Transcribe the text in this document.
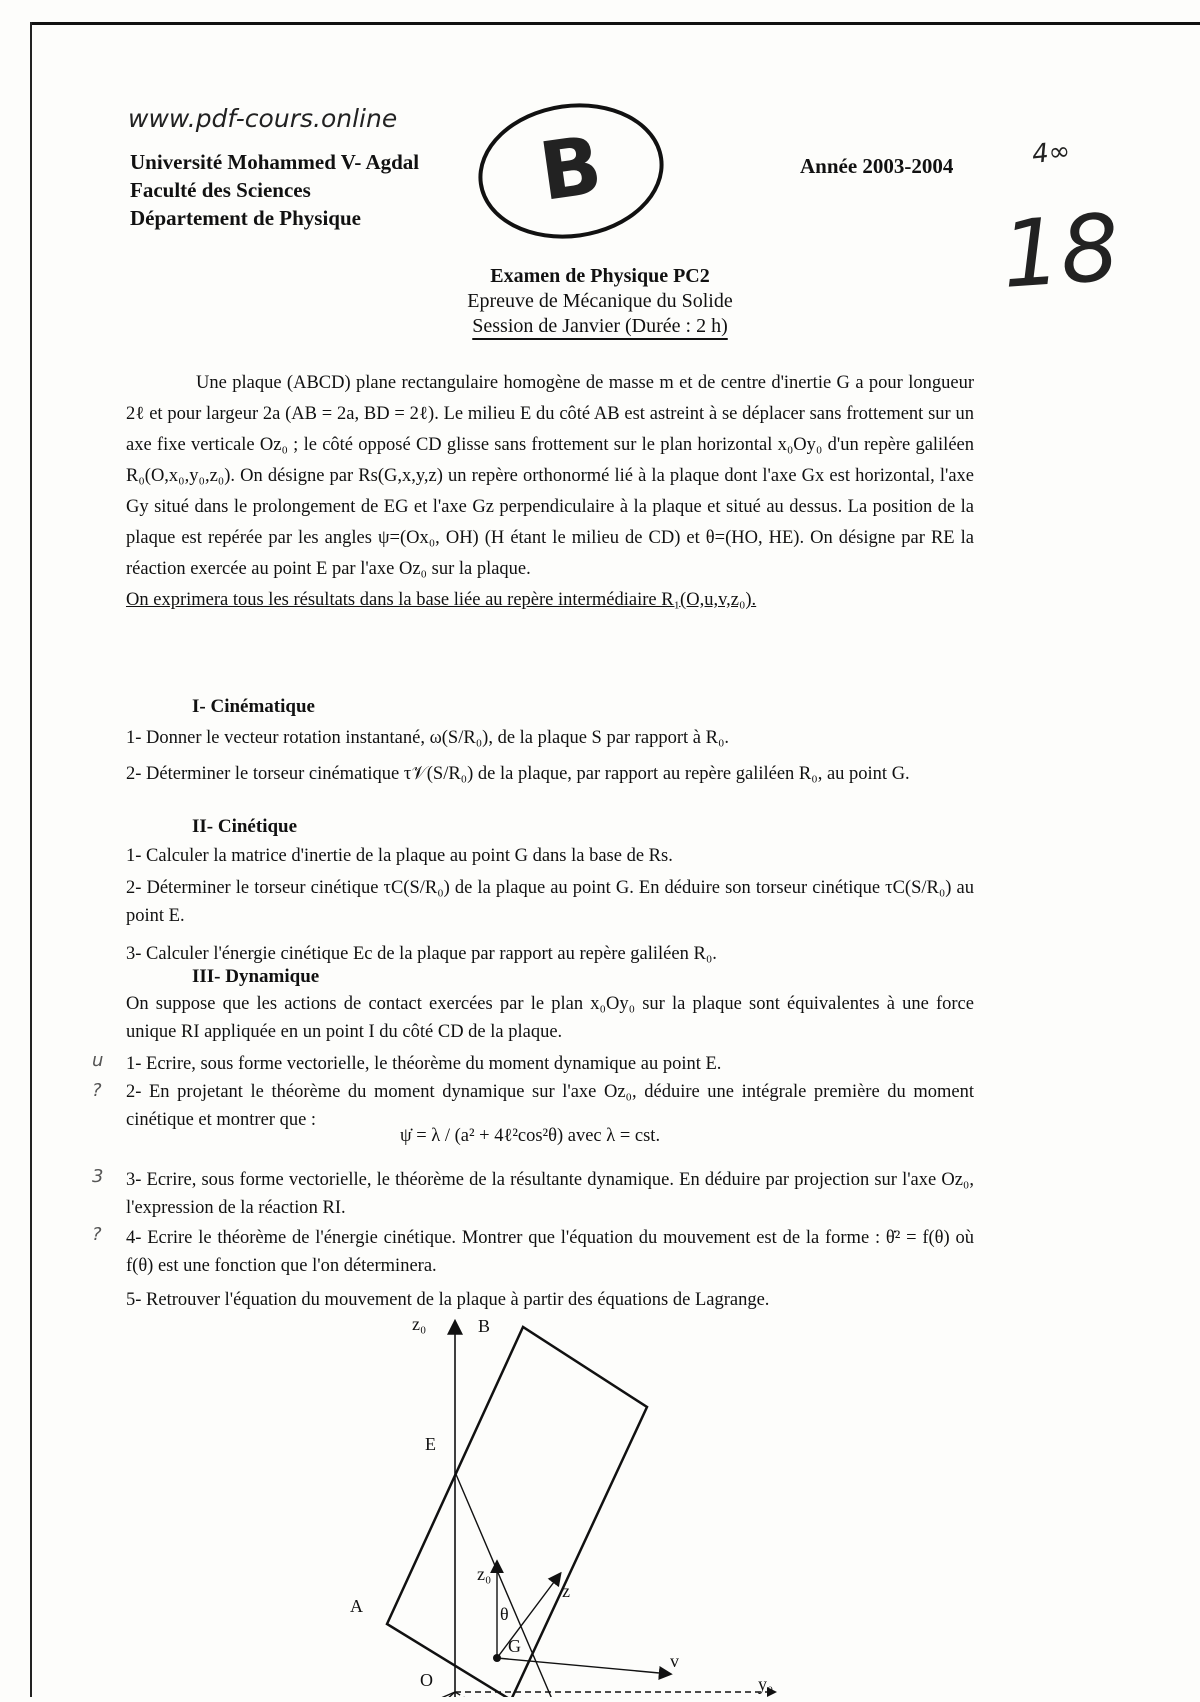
www.pdf-cours.online
Université Mohammed V- Agdal
Faculté des Sciences
Département de Physique
Année 2003-2004
B	4∞
18
Examen de Physique PC2
Epreuve de Mécanique du Solide
Session de Janvier (Durée : 2 h)

Une plaque (ABCD) plane rectangulaire homogène de masse m et de centre d'inertie G a pour longueur 2ℓ et pour largeur 2a (AB = 2a, BD = 2ℓ). Le milieu E du côté AB est astreint à se déplacer sans frottement sur un axe fixe verticale Oz₀ ; le côté opposé CD glisse sans frottement sur le plan horizontal x₀Oy₀ d'un repère galiléen R₀(O,x₀,y₀,z₀). On désigne par Rs(G,x,y,z) un repère orthonormé lié à la plaque dont l'axe Gx est horizontal, l'axe Gy situé dans le prolongement de EG et l'axe Gz perpendiculaire à la plaque et situé au dessus. La position de la plaque est repérée par les angles ψ=(Ox₀, OH) (H étant le milieu de CD) et θ=(HO, HE). On désigne par RE la réaction exercée au point E par l'axe Oz₀ sur la plaque.

On exprimera tous les résultats dans la base liée au repère intermédiaire R₁(O,u,v,z₀).

I- Cinématique
1- Donner le vecteur rotation instantané, ω(S/R₀), de la plaque S par rapport à R₀.
2- Déterminer le torseur cinématique τ𝒱(S/R₀) de la plaque, par rapport au repère galiléen R₀, au point G.
II- Cinétique
1- Calculer la matrice d'inertie de la plaque au point G dans la base de Rs.
2- Déterminer le torseur cinétique τC(S/R₀) de la plaque au point G. En déduire son torseur cinétique τC(S/R₀) au point E.
3- Calculer l'énergie cinétique Ec de la plaque par rapport au repère galiléen R₀.
III- Dynamique
On suppose que les actions de contact exercées par le plan x₀Oy₀ sur la plaque sont équivalentes à une force unique RI appliquée en un point I du côté CD de la plaque.
1- Ecrire, sous forme vectorielle, le théorème du moment dynamique au point E.
2- En projetant le théorème du moment dynamique sur l'axe Oz₀, déduire une intégrale première du moment cinétique et montrer que :
ψ̇ = λ / (a² + 4ℓ²cos²θ) avec λ = cst.
3- Ecrire, sous forme vectorielle, le théorème de la résultante dynamique. En déduire par projection sur l'axe Oz₀, l'expression de la réaction RI.
4- Ecrire le théorème de l'énergie cinétique. Montrer que l'équation du mouvement est de la forme : θ̇² = f(θ) où f(θ) est une fonction que l'on déterminera.
5- Retrouver l'équation du mouvement de la plaque à partir des équations de Lagrange.
u
?
3
?
z₀	B
E
A
z₀
z
θ
G
O
v
y₀
